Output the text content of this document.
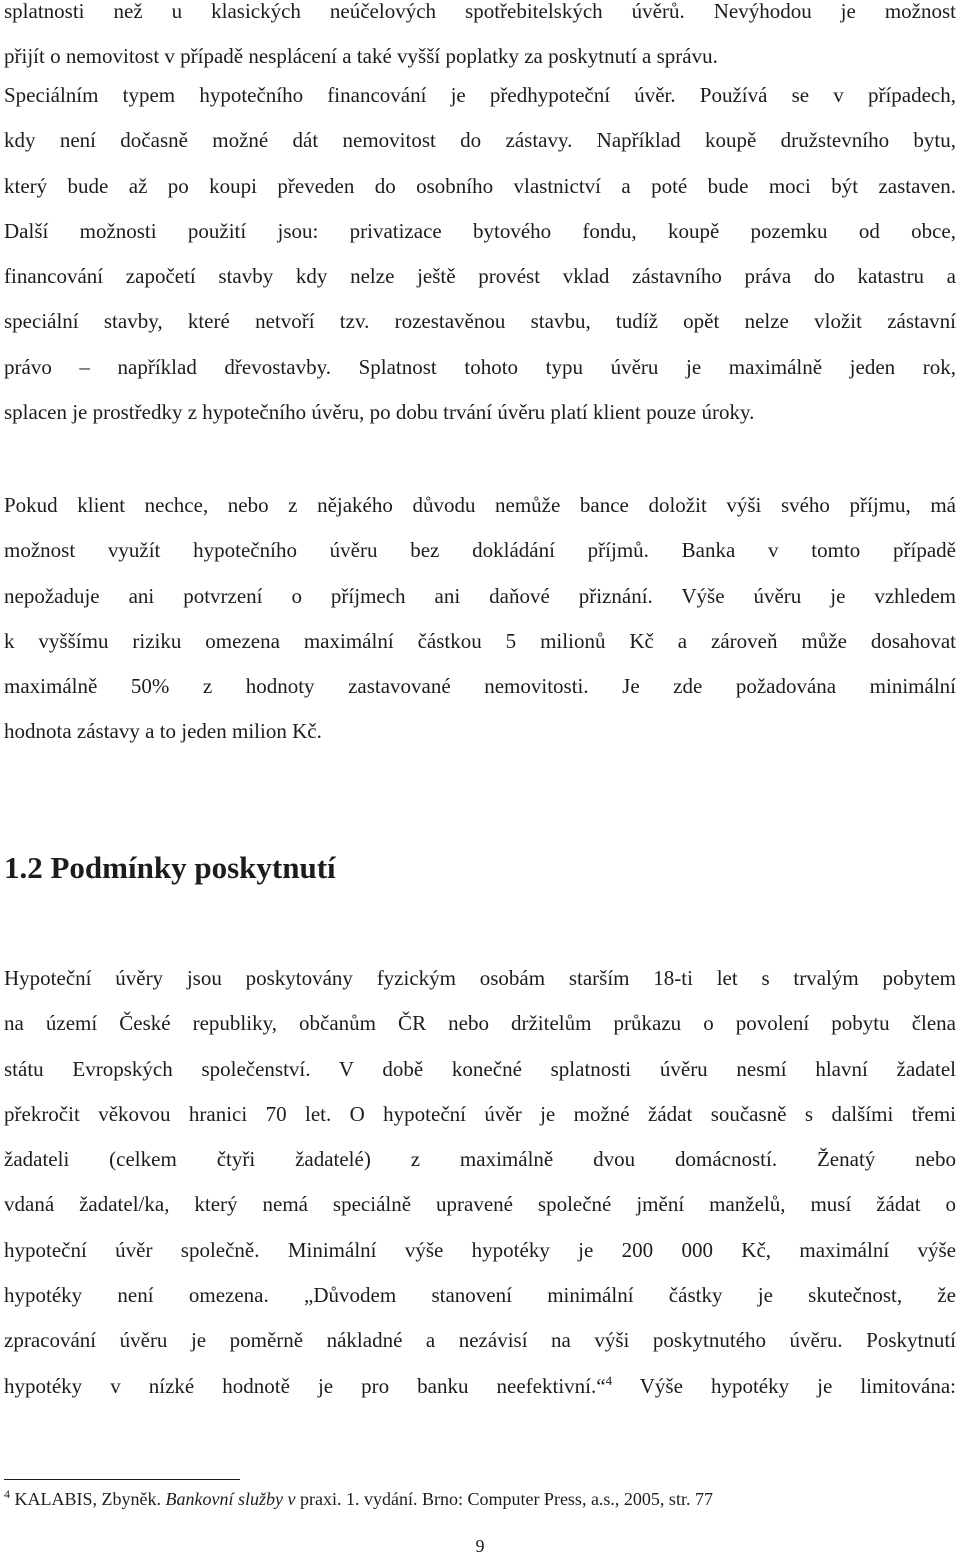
splatnosti než u klasických neúčelových spotřebitelských úvěrů. Nevýhodou je možnost
přijít o nemovitost v případě nesplácení a také vyšší poplatky za poskytnutí a správu.
Speciálním typem hypotečního financování je předhypoteční úvěr. Používá se v případech,
kdy není dočasně možné dát nemovitost do zástavy. Například koupě družstevního bytu,
který bude až po koupi převeden do osobního vlastnictví a poté bude moci být zastaven.
Další možnosti použití jsou: privatizace bytového fondu, koupě pozemku od obce,
financování započetí stavby kdy nelze ještě provést vklad zástavního práva do katastru a
speciální stavby, které netvoří tzv. rozestavěnou stavbu, tudíž opět nelze vložit zástavní
právo – například dřevostavby. Splatnost tohoto typu úvěru je maximálně jeden rok,
splacen je prostředky z hypotečního úvěru, po dobu trvání úvěru platí klient pouze úroky.
Pokud klient nechce, nebo z nějakého důvodu nemůže bance doložit výši svého příjmu, má
možnost využít hypotečního úvěru bez dokládání příjmů. Banka v tomto případě
nepožaduje ani potvrzení o příjmech ani daňové přiznání. Výše úvěru je vzhledem
k vyššímu riziku omezena maximální částkou 5 milionů Kč a zároveň může dosahovat
maximálně 50% z hodnoty zastavované nemovitosti. Je zde požadována minimální
hodnota zástavy a to jeden milion Kč.
1.2 Podmínky poskytnutí
Hypoteční úvěry jsou poskytovány fyzickým osobám starším 18-ti let s trvalým pobytem
na území České republiky, občanům ČR nebo držitelům průkazu o povolení pobytu člena
státu Evropských společenství. V době konečné splatnosti úvěru nesmí hlavní žadatel
překročit věkovou hranici 70 let. O hypoteční úvěr je možné žádat současně s dalšími třemi
žadateli (celkem čtyři žadatelé) z maximálně dvou domácností. Ženatý nebo
vdaná žadatel/ka, který nemá speciálně upravené společné jmění manželů, musí žádat o
hypoteční úvěr společně. Minimální výše hypotéky je 200 000 Kč, maximální výše
hypotéky není omezena. „Důvodem stanovení minimální částky je skutečnost, že
zpracování úvěru je poměrně nákladné a nezávisí na výši poskytnutého úvěru. Poskytnutí
hypotéky v nízké hodnotě je pro banku neefektivní.“$^4$ Výše hypotéky je limitována:

$^4$ KALABIS, Zbyněk. Bankovní služby v praxi. 1. vydání. Brno: Computer Press, a.s., 2005, str. 77

9
